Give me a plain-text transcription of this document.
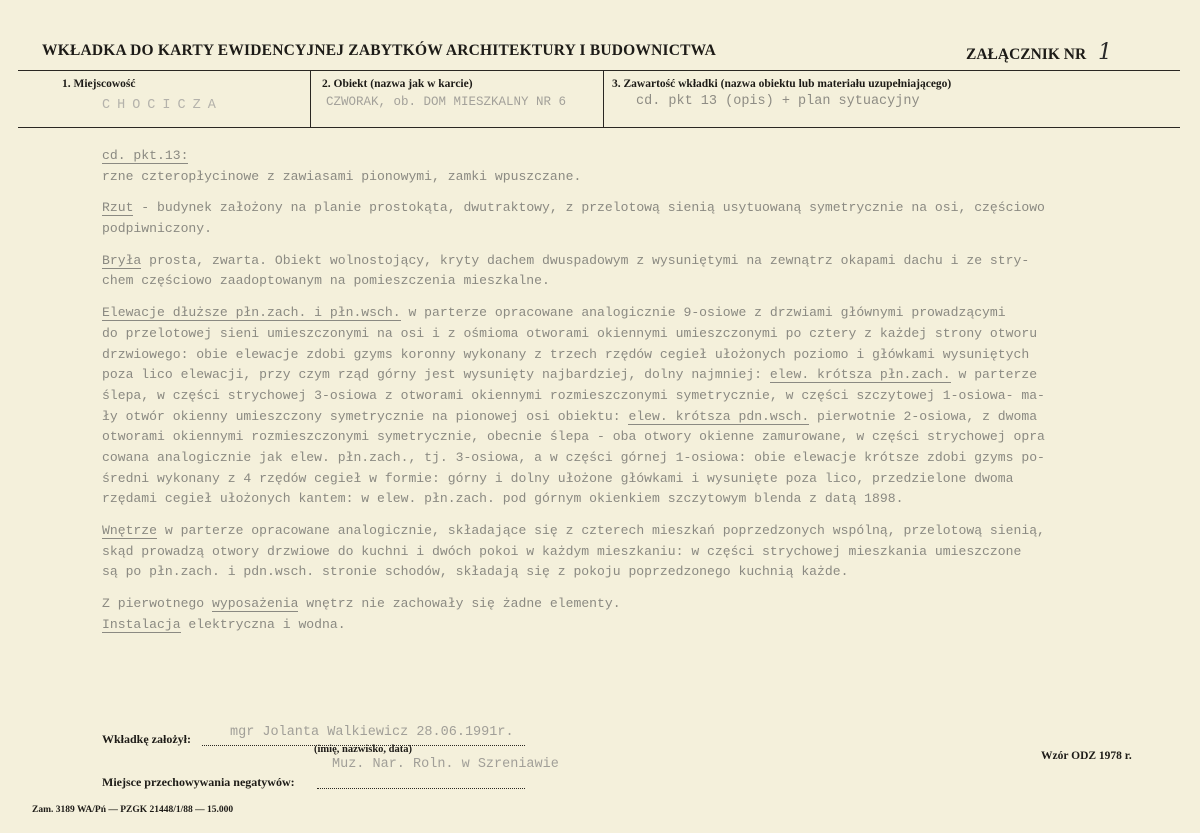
WKŁADKA DO KARTY EWIDENCYJNEJ ZABYTKÓW ARCHITEKTURY I BUDOWNICTWA	ZAŁĄCZNIK NR 1
1. Miejscowość
CHOCICZA
2. Obiekt (nazwa jak w karcie)
CZWORAK, ob. DOM MIESZKALNY NR 6
3. Zawartość wkładki (nazwa obiektu lub materiału uzupełniającego)
cd. pkt 13 (opis) + plan sytuacyjny
cd. pkt.13:
rzne czteropłycinowe z zawiasami pionowymi, zamki wpuszczane.
Rzut - budynek założony na planie prostokąta, dwutraktowy, z przelotową sienią usytuowaną symetrycznie na osi, częściowo
podpiwniczony.
Bryła prosta, zwarta. Obiekt wolnostojący, kryty dachem dwuspadowym z wysuniętymi na zewnątrz okapami dachu i ze stry-
chem częściowo zaadoptowanym na pomieszczenia mieszkalne.
Elewacje dłuższe płn.zach. i płn.wsch. w parterze opracowane analogicznie 9-osiowe z drzwiami głównymi prowadzącymi
do przelotowej sieni umieszczonymi na osi i z ośmioma otworami okiennymi umieszczonymi po cztery z każdej strony otworu
drzwiowego: obie elewacje zdobi gzyms koronny wykonany z trzech rzędów cegieł ułożonych poziomo i główkami wysuniętych
poza lico elewacji, przy czym rząd górny jest wysunięty najbardziej, dolny najmniej: elew. krótsza płn.zach. w parterze
ślepa, w części strychowej 3-osiowa z otworami okiennymi rozmieszczonymi symetrycznie, w części szczytowej 1-osiowa- ma-
ły otwór okienny umieszczony symetrycznie na pionowej osi obiektu: elew. krótsza pdn.wsch. pierwotnie 2-osiowa, z dwoma
otworami okiennymi rozmieszczonymi symetrycznie, obecnie ślepa - oba otwory okienne zamurowane, w części strychowej opra
cowana analogicznie jak elew. płn.zach., tj. 3-osiowa, a w części górnej 1-osiowa: obie elewacje krótsze zdobi gzyms po-
średni wykonany z 4 rzędów cegieł w formie: górny i dolny ułożone główkami i wysunięte poza lico, przedzielone dwoma
rzędami cegieł ułożonych kantem: w elew. płn.zach. pod górnym okienkiem szczytowym blenda z datą 1898.
Wnętrze w parterze opracowane analogicznie, składające się z czterech mieszkań poprzedzonych wspólną, przelotową sienią,
skąd prowadzą otwory drzwiowe do kuchni i dwóch pokoi w każdym mieszkaniu: w części strychowej mieszkania umieszczone
są po płn.zach. i pdn.wsch. stronie schodów, składają się z pokoju poprzedzonego kuchnią każde.
Z pierwotnego wyposażenia wnętrz nie zachowały się żadne elementy.
Instalacja elektryczna i wodna.
Wkładkę założył:	mgr Jolanta Walkiewicz 28.06.1991r.
(imię, nazwisko, data)
Muz. Nar. Roln. w Szreniawie
Miejsce przechowywania negatywów:
Wzór ODZ 1978 r.
Zam. 3189 WA/Pń — PZGK 21448/1/88 — 15.000
